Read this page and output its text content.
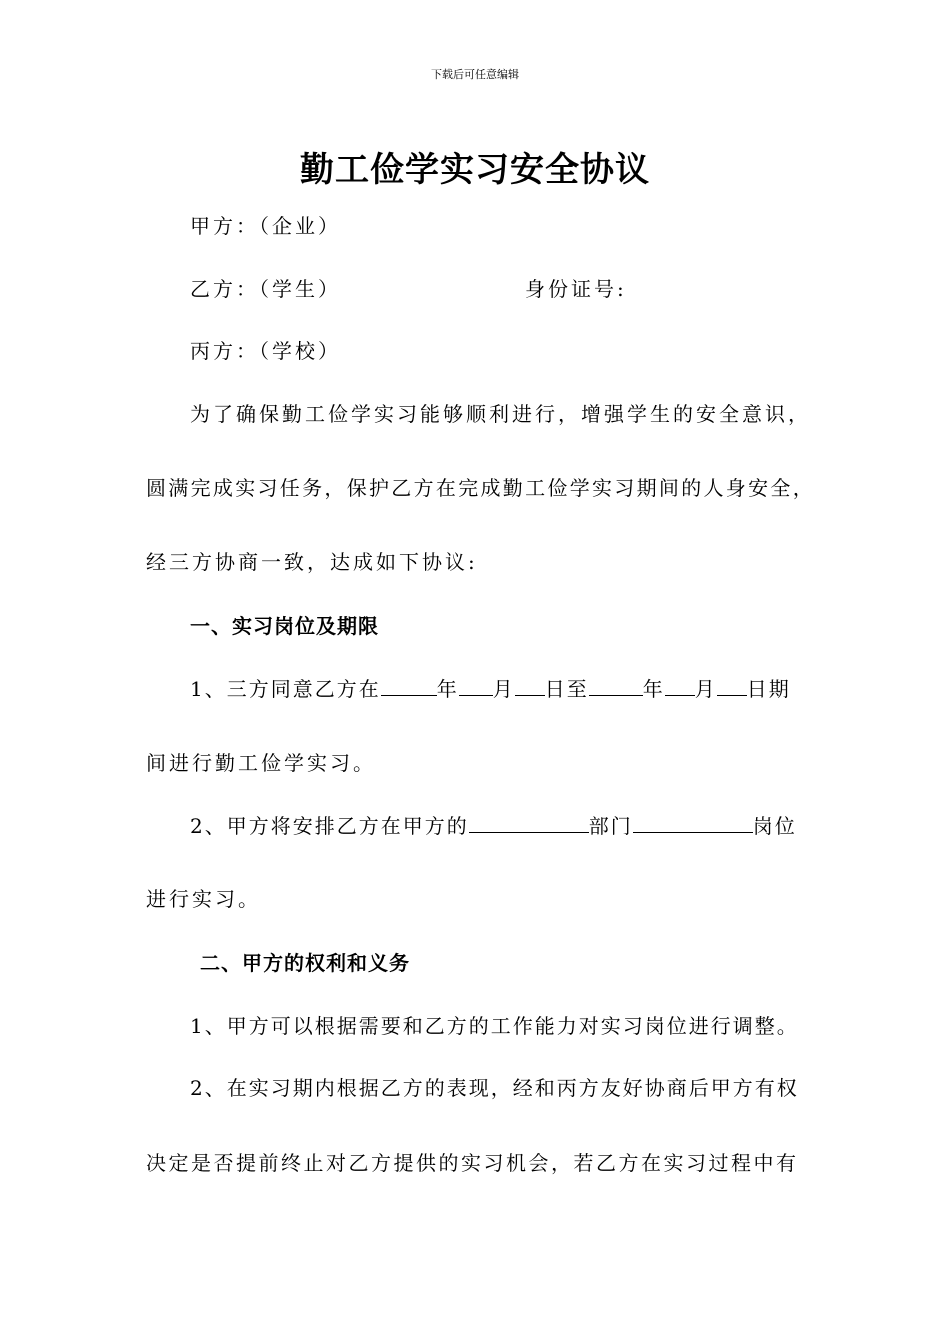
下载后可任意编辑
勤工俭学实习安全协议
甲方：（企业）
乙方：（学生）	身份证号:
丙方：（学校）
为了确保勤工俭学实习能够顺利进行，增强学生的安全意识，
圆满完成实习任务，保护乙方在完成勤工俭学实习期间的人身安全，
经三方协商一致，达成如下协议:
一、实习岗位及期限
1、三方同意乙方在	年 月 日至	年 月 日期
间进行勤工俭学实习。
2、甲方将安排乙方在甲方的	部门	岗位
进行实习。
二、甲方的权利和义务
1、甲方可以根据需要和乙方的工作能力对实习岗位进行调整。
2、在实习期内根据乙方的表现，经和丙方友好协商后甲方有权
决定是否提前终止对乙方提供的实习机会，若乙方在实习过程中有
